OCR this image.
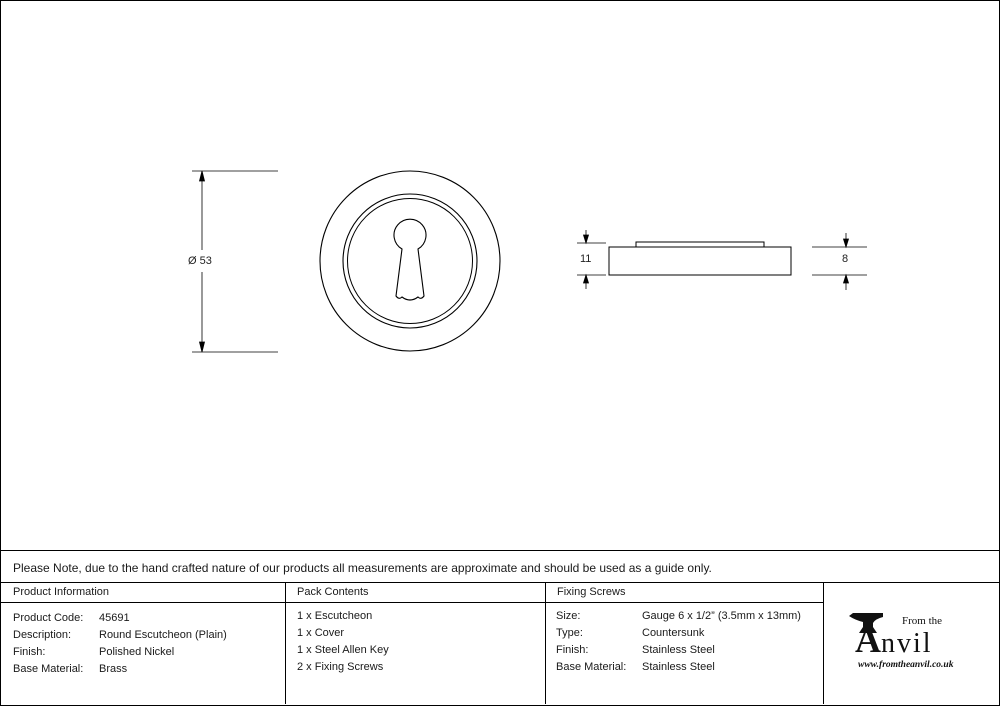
Ø 53	11	8
Please Note, due to the hand crafted nature of our products all measurements are approximate and should be used as a guide only.
Product Information
Product Code: 45691
Description:	Round Escutcheon (Plain)
Finish:	Polished Nickel
Base Material: Brass
Pack Contents
1 x Escutcheon
1 x Cover
1 x Steel Allen Key
2 x Fixing Screws
Fixing Screws
Size:	Gauge 6 x 1/2” (3.5mm x 13mm)
Type:	Countersunk
Finish:	Stainless Steel
Base Material: Stainless Steel
From the
A nvil
www.fromtheanvil.co.uk
